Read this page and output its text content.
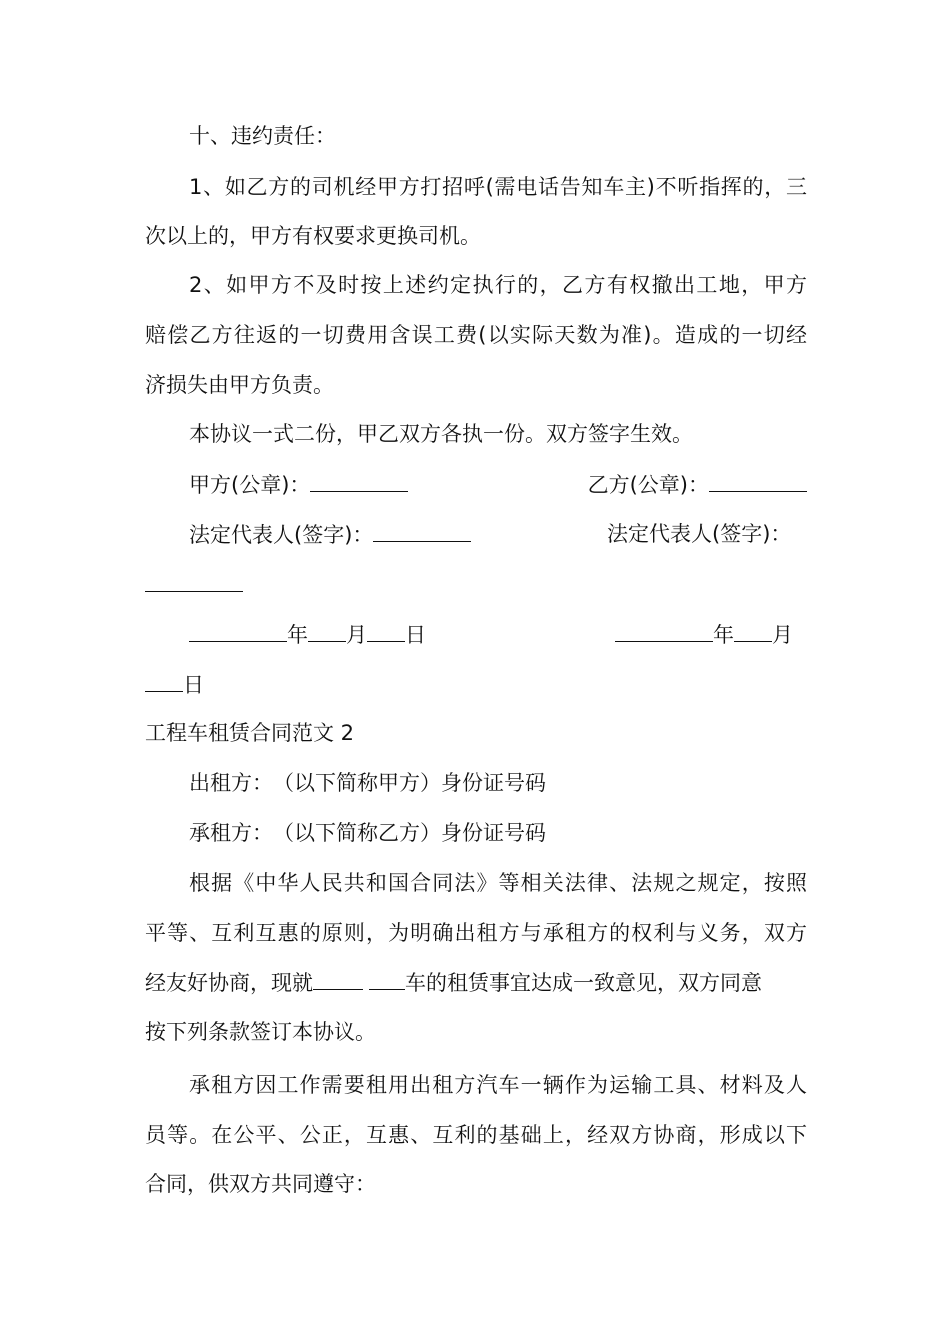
十、违约责任：
1、如乙方的司机经甲方打招呼(需电话告知车主)不听指挥的，三
次以上的，甲方有权要求更换司机。
2、如甲方不及时按上述约定执行的，乙方有权撤出工地，甲方
赔偿乙方往返的一切费用含误工费(以实际天数为准)。造成的一切经
济损失由甲方负责。
本协议一式二份，甲乙双方各执一份。双方签字生效。
甲方(公章)：	乙方(公章)：
法定代表人(签字)：	法定代表人(签字)：
年 月 日	年 月
日
工程车租赁合同范文 2
出租方：　（以下简称甲方）身份证号码
承租方：　（以下简称乙方）身份证号码
根据《中华人民共和国合同法》等相关法律、法规之规定，按照
平等、互利互惠的原则，为明确出租方与承租方的权利与义务，双方
经友好协商，现就	车的租赁事宜达成一致意见，双方同意
按下列条款签订本协议。
承租方因工作需要租用出租方汽车一辆作为运输工具、材料及人
员等。在公平、公正，互惠、互利的基础上，经双方协商，形成以下
合同，供双方共同遵守：
